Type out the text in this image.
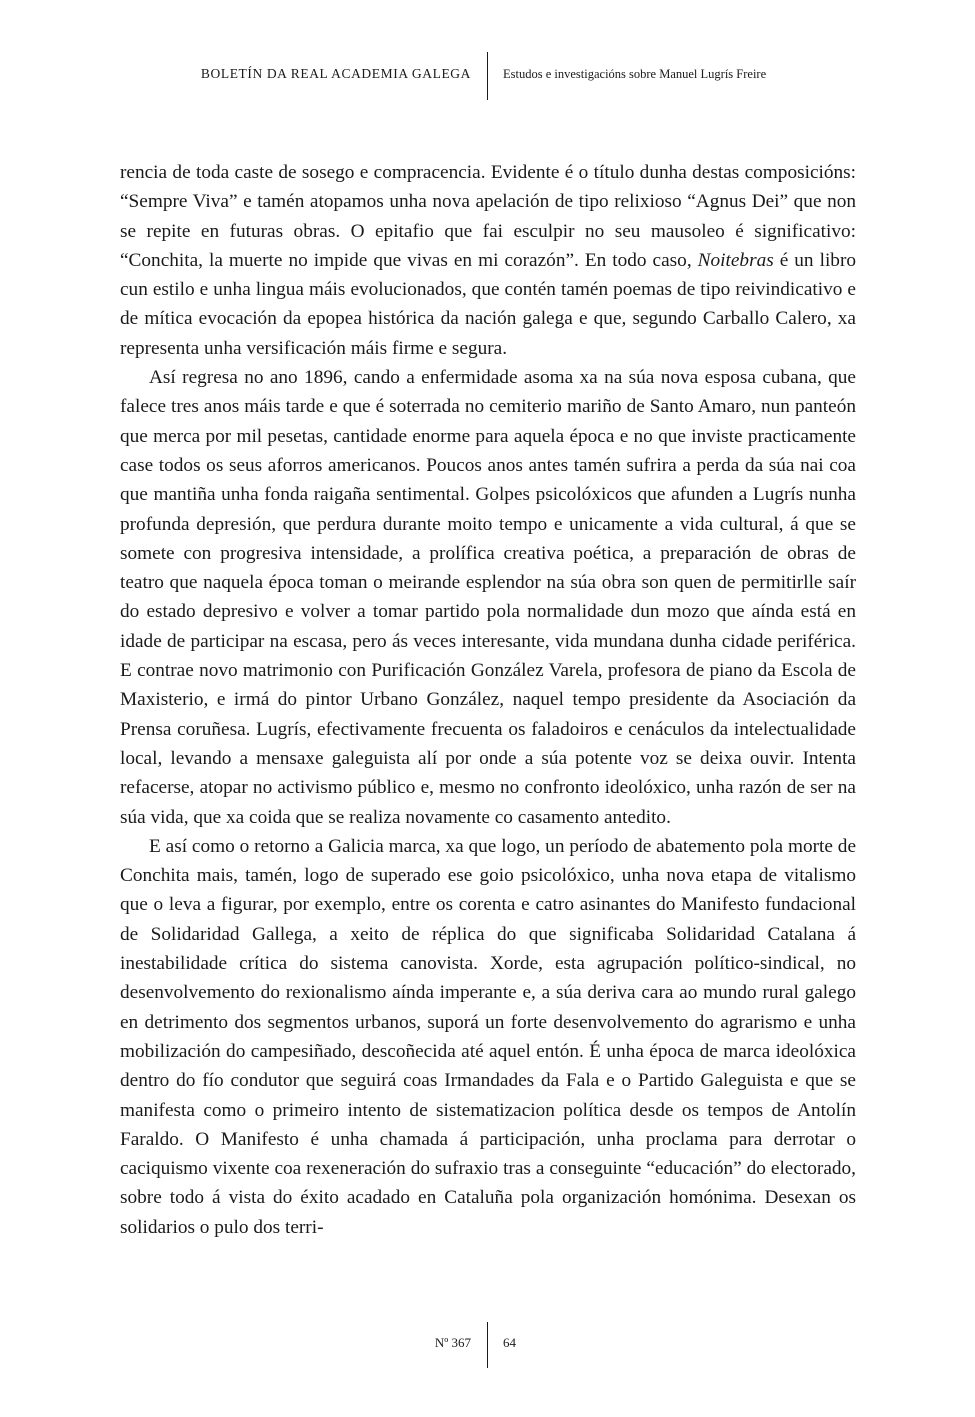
BOLETÍN DA REAL ACADEMIA GALEGA	Estudos e investigacións sobre Manuel Lugrís Freire

rencia de toda caste de sosego e compracencia. Evidente é o título dunha destas composicións: “Sempre Viva” e tamén atopamos unha nova apelación de tipo relixioso “Agnus Dei” que non se repite en futuras obras. O epitafio que fai esculpir no seu mausoleo é significativo: “Conchita, la muerte no impide que vivas en mi corazón”. En todo caso, Noitebras é un libro cun estilo e unha lingua máis evolucionados, que contén tamén poemas de tipo reivindicativo e de mítica evocación da epopea histórica da nación galega e que, segundo Carballo Calero, xa representa unha versificación máis firme e segura.

Así regresa no ano 1896, cando a enfermidade asoma xa na súa nova esposa cubana, que falece tres anos máis tarde e que é soterrada no cemiterio mariño de Santo Amaro, nun panteón que merca por mil pesetas, cantidade enorme para aquela época e no que inviste practicamente case todos os seus aforros americanos. Poucos anos antes tamén sufrira a perda da súa nai coa que mantiña unha fonda raigaña sentimental. Golpes psicolóxicos que afunden a Lugrís nunha profunda depresión, que perdura durante moito tempo e unicamente a vida cultural, á que se somete con progresiva intensidade, a prolífica creativa poética, a preparación de obras de teatro que naquela época toman o meirande esplendor na súa obra son quen de permitirlle saír do estado depresivo e volver a tomar partido pola normalidade dun mozo que aínda está en idade de participar na escasa, pero ás veces interesante, vida mundana dunha cidade periférica. E contrae novo matrimonio con Purificación González Varela, profesora de piano da Escola de Maxisterio, e irmá do pintor Urbano González, naquel tempo presidente da Asociación da Prensa coruñesa. Lugrís, efectivamente frecuenta os faladoiros e cenáculos da intelectualidade local, levando a mensaxe galeguista alí por onde a súa potente voz se deixa ouvir. Intenta refacerse, atopar no activismo público e, mesmo no confronto ideolóxico, unha razón de ser na súa vida, que xa coida que se realiza novamente co casamento antedito.

E así como o retorno a Galicia marca, xa que logo, un período de abatemento pola morte de Conchita mais, tamén, logo de superado ese goio psicolóxico, unha nova etapa de vitalismo que o leva a figurar, por exemplo, entre os corenta e catro asinantes do Manifesto fundacional de Solidaridad Gallega, a xeito de réplica do que significaba Solidaridad Catalana á inestabilidade crítica do sistema canovista. Xorde, esta agrupación político-sindical, no desenvolvemento do rexionalismo aínda imperante e, a súa deriva cara ao mundo rural galego en detrimento dos segmentos urbanos, suporá un forte desenvolvemento do agrarismo e unha mobilización do campesiñado, descoñecida até aquel entón. É unha época de marca ideolóxica dentro do fío condutor que seguirá coas Irmandades da Fala e o Partido Galeguista e que se manifesta como o primeiro intento de sistematizacion política desde os tempos de Antolín Faraldo. O Manifesto é unha chamada á participación, unha proclama para derrotar o caciquismo vixente coa rexeneración do sufraxio tras a conseguinte “educación” do electorado, sobre todo á vista do éxito acadado en Cataluña pola organización homónima. Desexan os solidarios o pulo dos terri-

Nº 367 64
